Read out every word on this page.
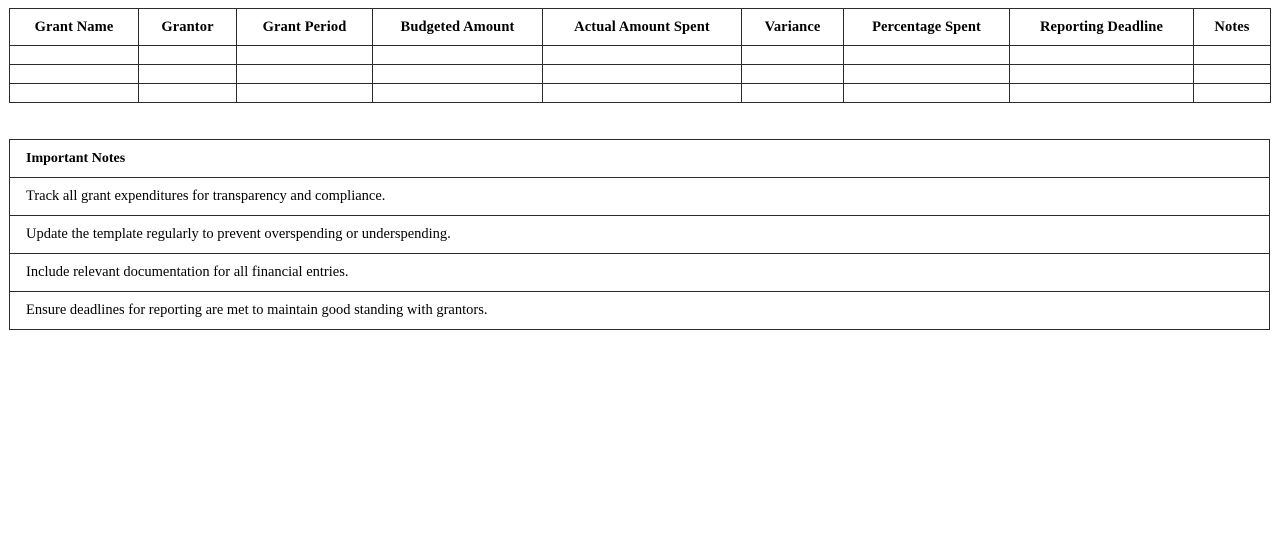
Grant Name	Grantor	Grant Period	Budgeted Amount	Actual Amount Spent	Variance	Percentage Spent	Reporting Deadline	Notes

Important Notes
Track all grant expenditures for transparency and compliance.
Update the template regularly to prevent overspending or underspending.
Include relevant documentation for all financial entries.
Ensure deadlines for reporting are met to maintain good standing with grantors.
